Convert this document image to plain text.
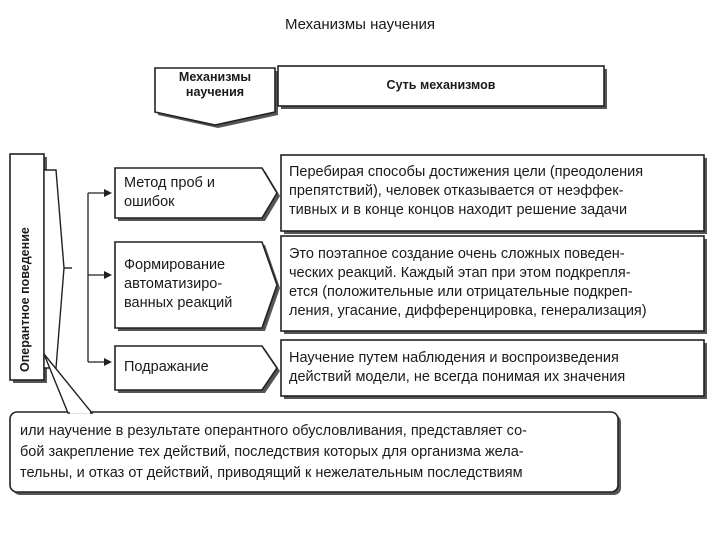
Механизмы научения
Механизмы
научения	Суть механизмов
Оперантное поведение
Метод проб и
ошибок
Формирование
автоматизиро-
ванных реакций
Подражание
Перебирая способы достижения цели (преодоления
препятствий), человек отказывается от неэффек-
тивных и в конце концов находит решение задачи
Это поэтапное создание очень сложных поведен-
ческих реакций. Каждый этап при этом подкрепля-
ется (положительные или отрицательные подкреп-
ления, угасание, дифференцировка, генерализация)
Научение путем наблюдения и воспроизведения
действий модели, не всегда понимая их значения
или научение в результате оперантного обусловливания, представляет со-
бой закрепление тех действий, последствия которых для организма жела-
тельны, и отказ от действий, приводящий к нежелательным последствиям
